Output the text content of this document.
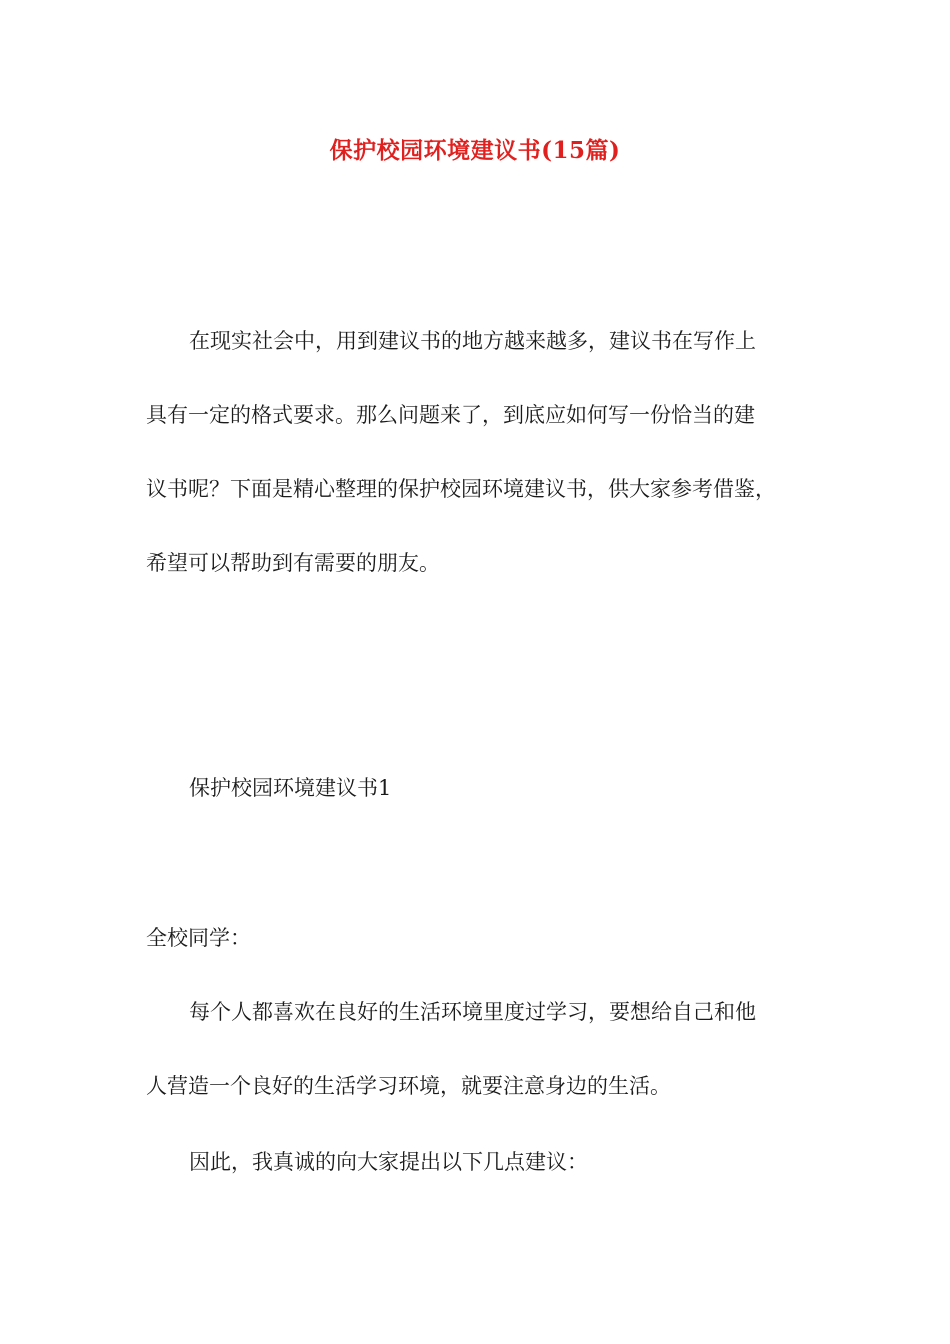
保护校园环境建议书(15篇)
在现实社会中，用到建议书的地方越来越多，建议书在写作上
具有一定的格式要求。那么问题来了，到底应如何写一份恰当的建
议书呢？下面是精心整理的保护校园环境建议书，供大家参考借鉴，
希望可以帮助到有需要的朋友。
保护校园环境建议书1
全校同学：
每个人都喜欢在良好的生活环境里度过学习，要想给自己和他
人营造一个良好的生活学习环境，就要注意身边的生活。
因此，我真诚的向大家提出以下几点建议：
